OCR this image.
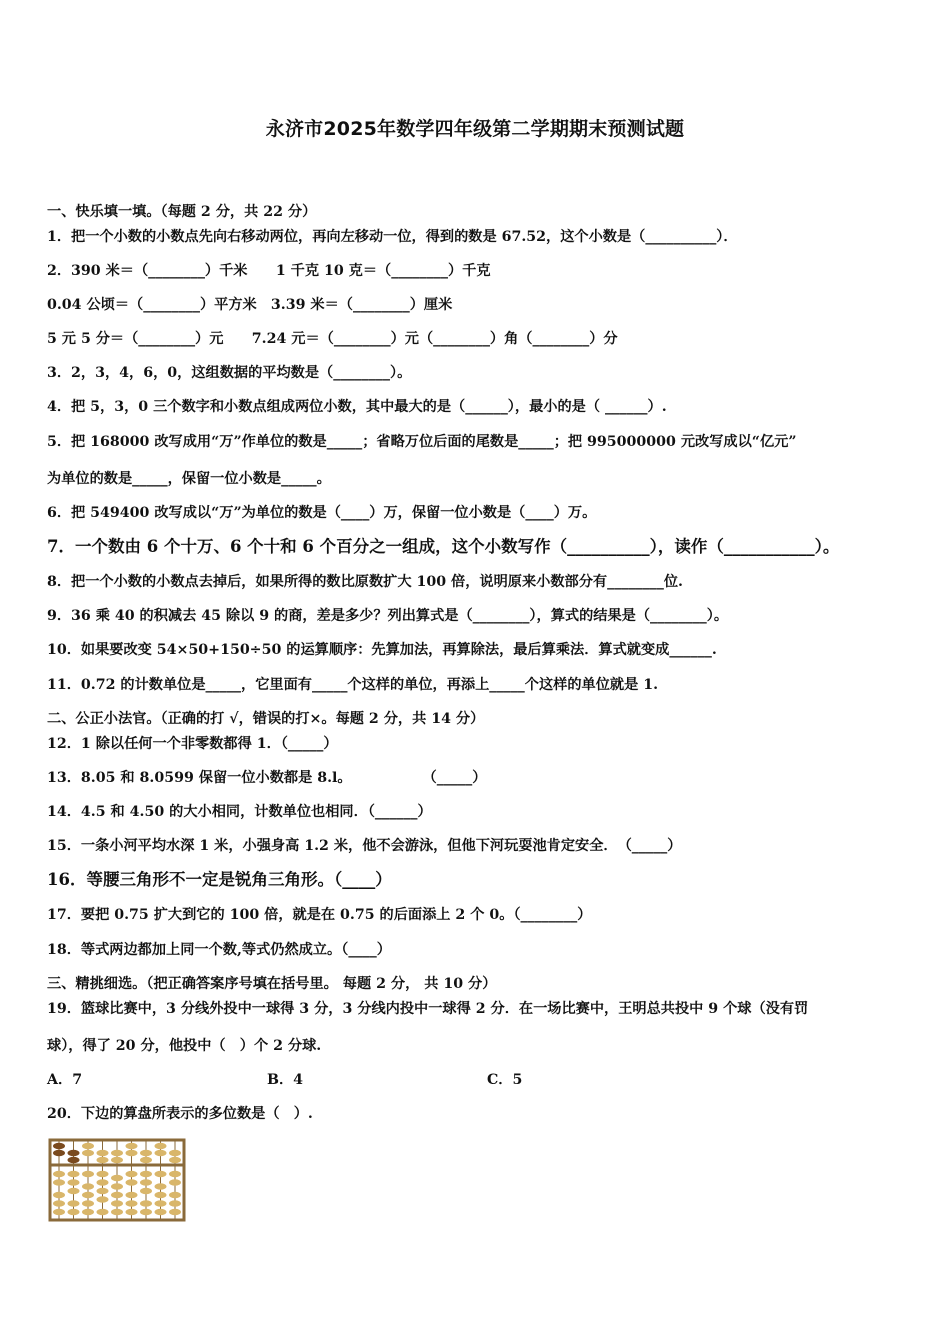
永济市2025年数学四年级第二学期期末预测试题
一、快乐填一填。（每题 2 分，共 22 分）
1．把一个小数的小数点先向右移动两位，再向左移动一位，得到的数是 67.52，这个小数是（__________）．
2．390 米＝（________）千米　　1 千克 10 克＝（________）千克
0.04 公顷＝（________）平方米　3.39 米＝（________）厘米
5 元 5 分＝（________）元　　7.24 元＝（________）元（________）角（________）分
3．2，3，4，6，0，这组数据的平均数是（________）。
4．把 5，3，0 三个数字和小数点组成两位小数，其中最大的是（______），最小的是（ ______）.
5．把 168000 改写成用“万”作单位的数是_____；省略万位后面的尾数是_____；把 995000000 元改写成以“亿元”
为单位的数是_____，保留一位小数是_____。
6．把 549400 改写成以“万”为单位的数是（____）万，保留一位小数是（____）万。
7．一个数由 6 个十万、6 个十和 6 个百分之一组成，这个小数写作（__________），读作（___________）。
8．把一个小数的小数点去掉后，如果所得的数比原数扩大 100 倍，说明原来小数部分有________位.
9．36 乘 40 的积减去 45 除以 9 的商，差是多少？列出算式是（________），算式的结果是（________）。
10．如果要改变 54×50+150÷50 的运算顺序：先算加法，再算除法，最后算乘法．算式就变成______.
11．0.72 的计数单位是_____，它里面有_____个这样的单位，再添上_____个这样的单位就是 1.
二、公正小法官。（正确的打 √，错误的打×。每题 2 分，共 14 分）
12．1 除以任何一个非零数都得 1．（_____）
13．8.05 和 8.0599 保留一位小数都是 8.l。　　　　　　（_____）
14．4.5 和 4.50 的大小相同，计数单位也相同．（______）
15．一条小河平均水深 1 米，小强身高 1.2 米，他不会游泳，但他下河玩耍池肯定安全．　（_____）
16．等腰三角形不一定是锐角三角形。（____）
17．要把 0.75 扩大到它的 100 倍，就是在 0.75 的后面添上 2 个 0。（________）
18．等式两边都加上同一个数,等式仍然成立。（____）
三、精挑细选。（把正确答案序号填在括号里。 每题 2 分， 共 10 分）
19．篮球比赛中，3 分线外投中一球得 3 分，3 分线内投中一球得 2 分．在一场比赛中，王明总共投中 9 个球（没有罚
球），得了 20 分，他投中（　）个 2 分球.
A．7	B．4	C．5
20．下边的算盘所表示的多位数是（　）.
